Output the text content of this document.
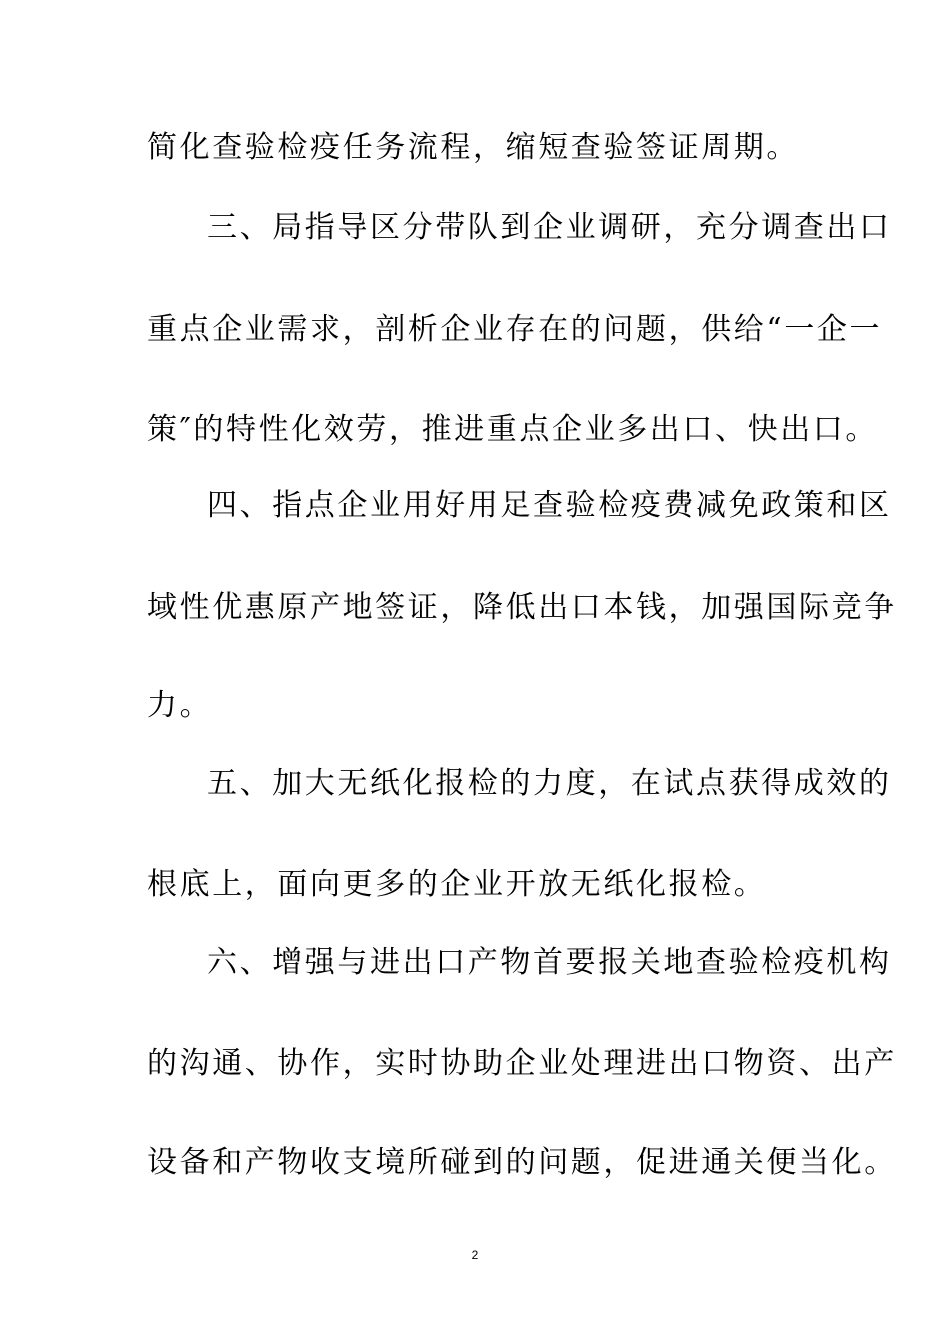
简化查验检疫任务流程，缩短查验签证周期。
三、局指导区分带队到企业调研，充分调查出口
重点企业需求，剖析企业存在的问题，供给“一企一
策″的特性化效劳，推进重点企业多出口、快出口。
四、指点企业用好用足查验检疫费减免政策和区
域性优惠原产地签证，降低出口本钱，加强国际竞争
力。
五、加大无纸化报检的力度，在试点获得成效的
根底上，面向更多的企业开放无纸化报检。
六、增强与进出口产物首要报关地查验检疫机构
的沟通、协作，实时协助企业处理进出口物资、出产
设备和产物收支境所碰到的问题，促进通关便当化。
2
